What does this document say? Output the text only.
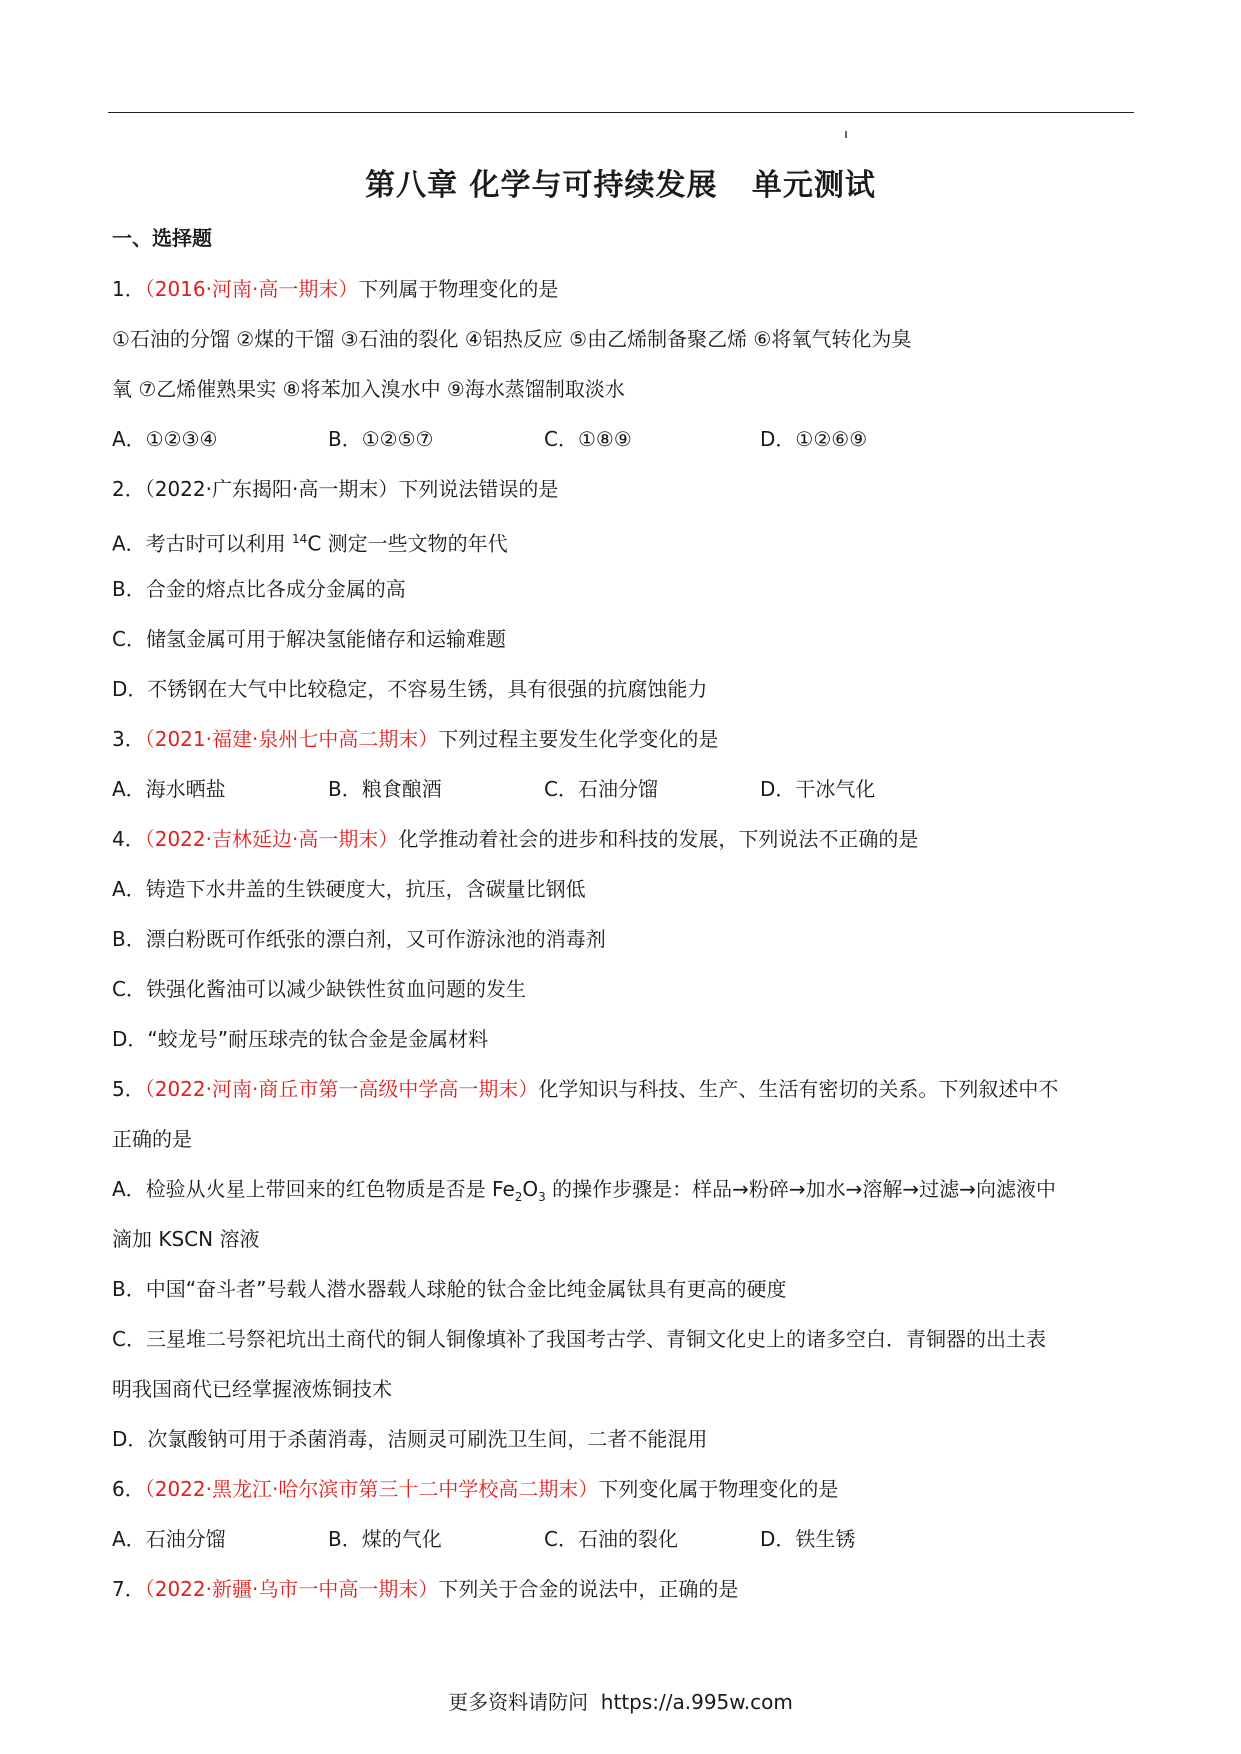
第八章 化学与可持续发展   单元测试
一、选择题
1．（2016·河南·高一期末）下列属于物理变化的是
①石油的分馏 ②煤的干馏 ③石油的裂化 ④铝热反应 ⑤由乙烯制备聚乙烯 ⑥将氧气转化为臭
氧 ⑦乙烯催熟果实 ⑧将苯加入溴水中 ⑨海水蒸馏制取淡水
A．①②③④	B．①②⑤⑦	C．①⑧⑨	D．①②⑥⑨
2．（2022·广东揭阳·高一期末）下列说法错误的是
A．考古时可以利用 $^{14}$C 测定一些文物的年代
B．合金的熔点比各成分金属的高
C．储氢金属可用于解决氢能储存和运输难题
D．不锈钢在大气中比较稳定，不容易生锈，具有很强的抗腐蚀能力
3．（2021·福建·泉州七中高二期末）下列过程主要发生化学变化的是
A．海水晒盐	B．粮食酿酒	C．石油分馏	D．干冰气化
4．（2022·吉林延边·高一期末）化学推动着社会的进步和科技的发展，下列说法不正确的是
A．铸造下水井盖的生铁硬度大，抗压，含碳量比钢低
B．漂白粉既可作纸张的漂白剂，又可作游泳池的消毒剂
C．铁强化酱油可以减少缺铁性贫血问题的发生
D．“蛟龙号”耐压球壳的钛合金是金属材料
5．（2022·河南·商丘市第一高级中学高一期末）化学知识与科技、生产、生活有密切的关系。下列叙述中不
正确的是
A．检验从火星上带回来的红色物质是否是 $Fe_2O_3$ 的操作步骤是：样品→粉碎→加水→溶解→过滤→向滤液中
滴加 KSCN 溶液
B．中国“奋斗者”号载人潜水器载人球舱的钛合金比纯金属钛具有更高的硬度
C．三星堆二号祭祀坑出土商代的铜人铜像填补了我国考古学、青铜文化史上的诸多空白．青铜器的出土表
明我国商代已经掌握液炼铜技术
D．次氯酸钠可用于杀菌消毒，洁厕灵可刷洗卫生间，二者不能混用
6．（2022·黑龙江·哈尔滨市第三十二中学校高二期末）下列变化属于物理变化的是
A．石油分馏	B．煤的气化	C．石油的裂化	D．铁生锈
7．（2022·新疆·乌市一中高一期末）下列关于合金的说法中，正确的是
更多资料请防问  https://a.995w.com
